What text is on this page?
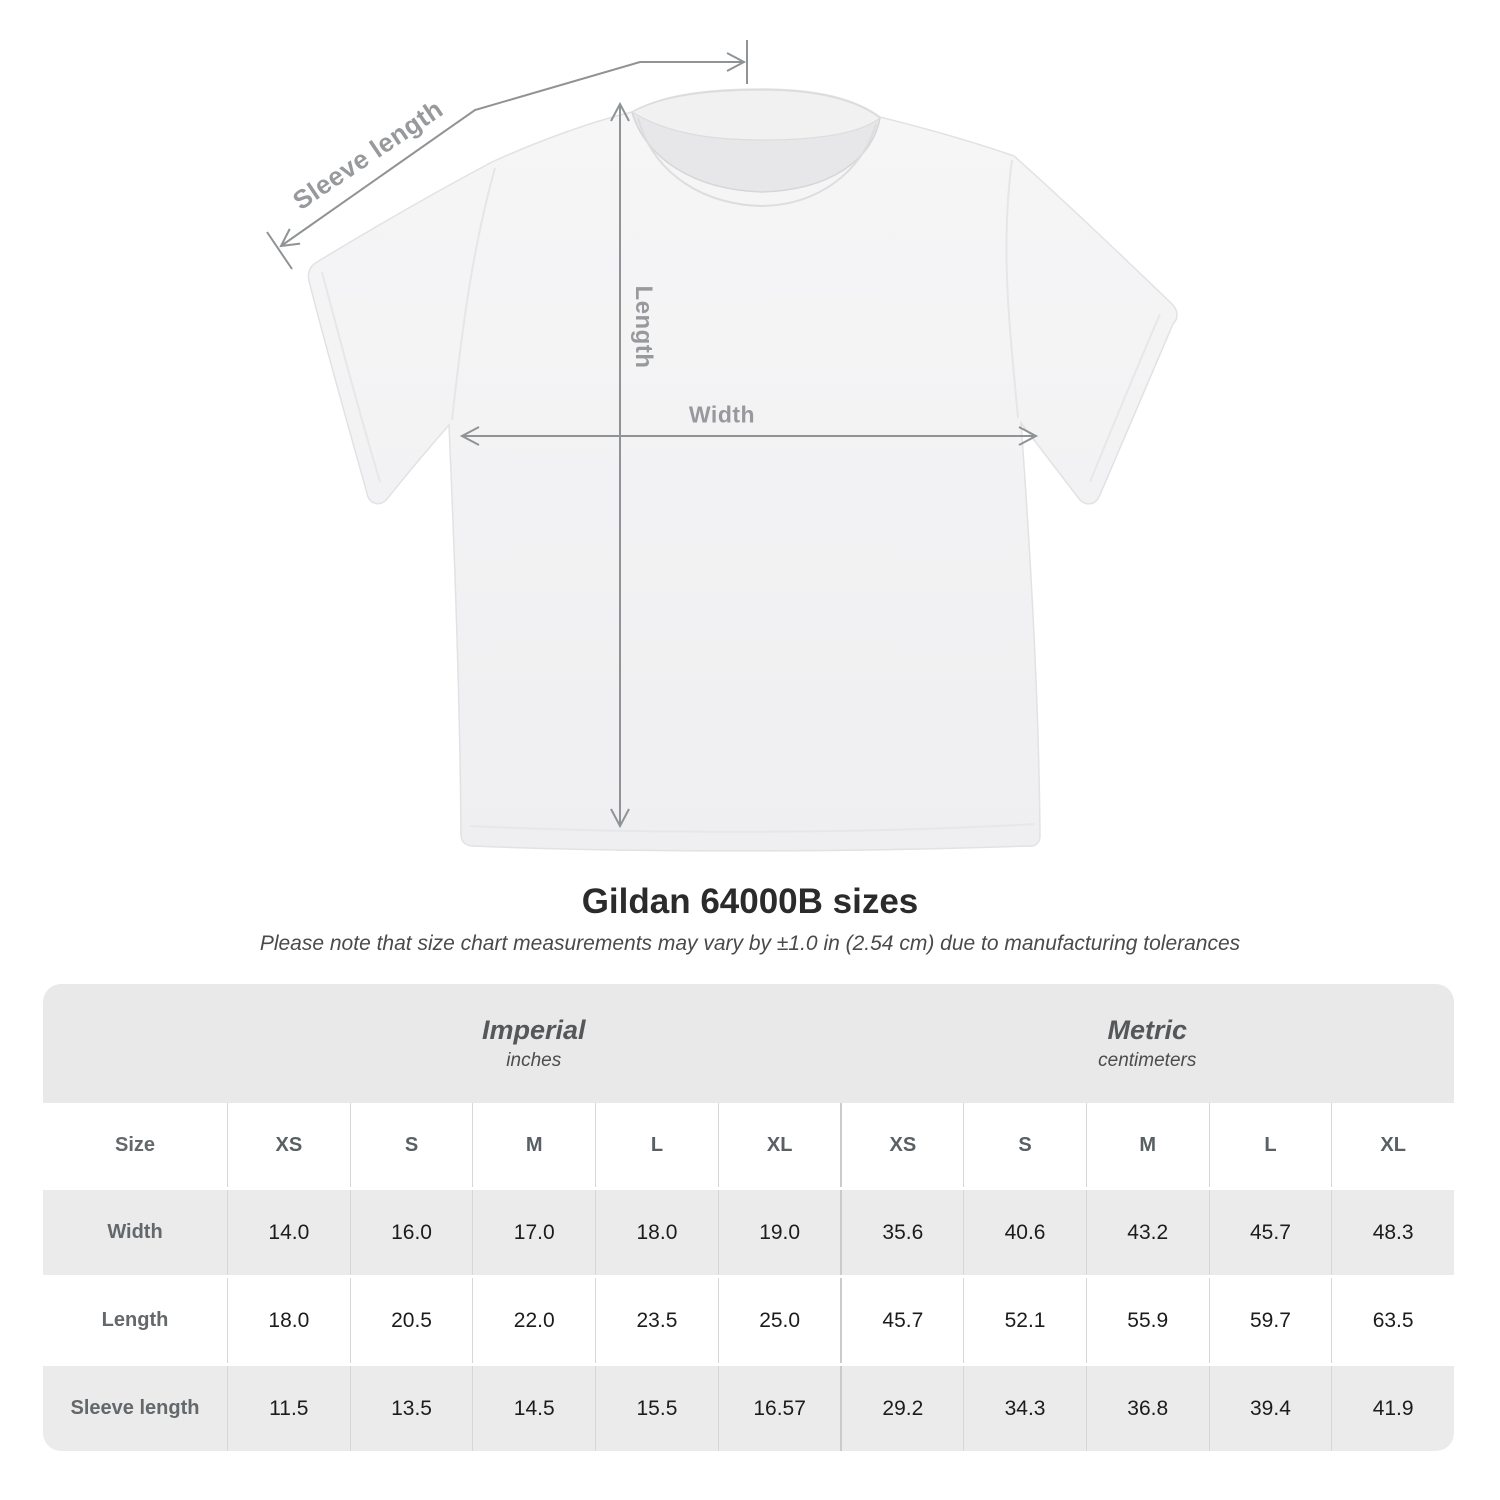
Sleeve length
Length
Width
Gildan 64000B sizes
Please note that size chart measurements may vary by ±1.0 in (2.54 cm) due to manufacturing tolerances
Imperial
inches
Metric
centimeters
Size	XS	S	M	L	XL	XS	S	M	L	XL
Width	14.0	16.0	17.0	18.0	19.0	35.6	40.6	43.2	45.7	48.3
Length	18.0	20.5	22.0	23.5	25.0	45.7	52.1	55.9	59.7	63.5
Sleeve length	11.5	13.5	14.5	15.5	16.57	29.2	34.3	36.8	39.4	41.9
